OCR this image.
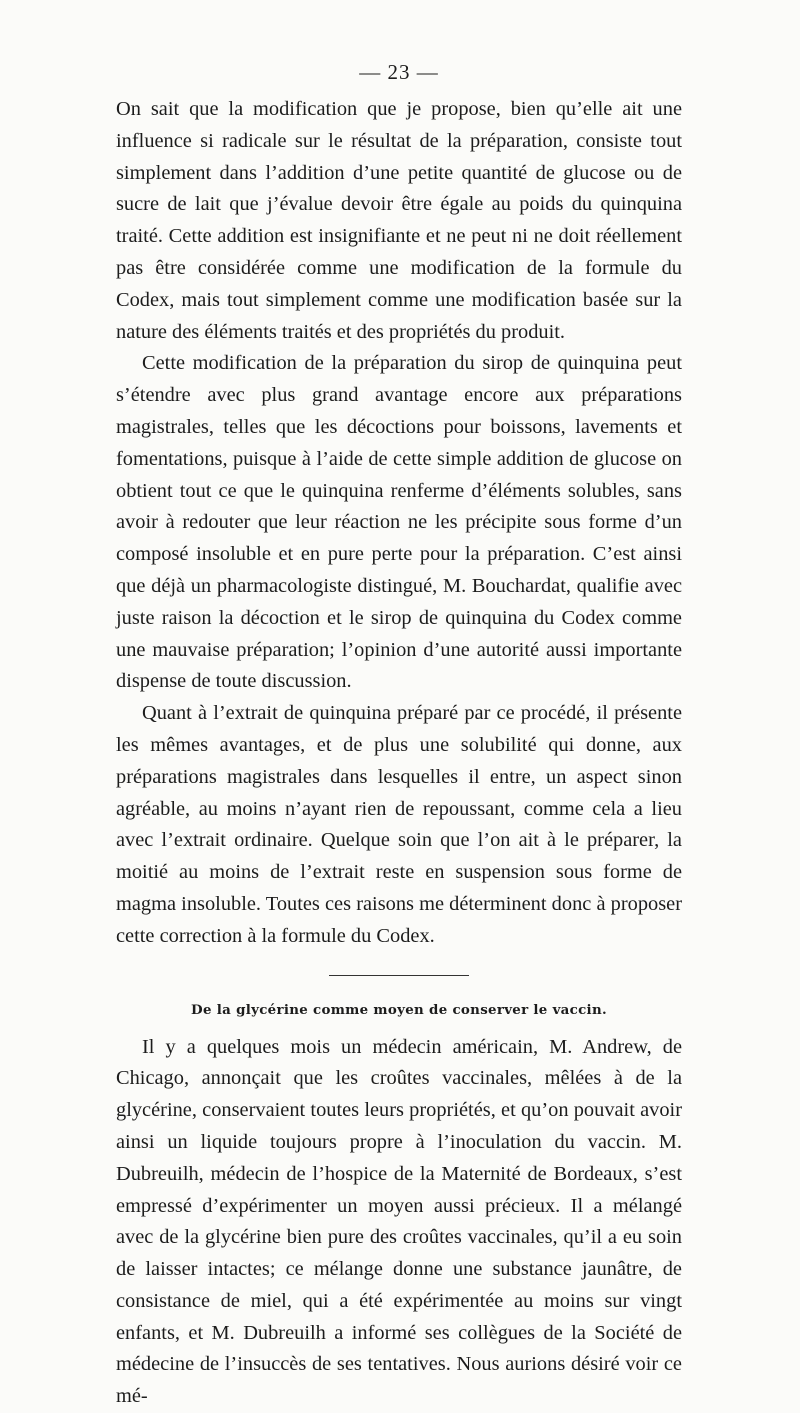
— 23 —

On sait que la modification que je propose, bien qu’elle ait une influence si radicale sur le résultat de la préparation, consiste tout simplement dans l’addition d’une petite quantité de glucose ou de sucre de lait que j’évalue devoir être égale au poids du quinquina traité. Cette addition est insignifiante et ne peut ni ne doit réellement pas être considérée comme une modification de la formule du Codex, mais tout simplement comme une modification basée sur la nature des éléments traités et des propriétés du produit.

Cette modification de la préparation du sirop de quinquina peut s’étendre avec plus grand avantage encore aux préparations magistrales, telles que les décoctions pour boissons, lavements et fomentations, puisque à l’aide de cette simple addition de glucose on obtient tout ce que le quinquina renferme d’éléments solubles, sans avoir à redouter que leur réaction ne les précipite sous forme d’un composé insoluble et en pure perte pour la préparation. C’est ainsi que déjà un pharmacologiste distingué, M. Bouchardat, qualifie avec juste raison la décoction et le sirop de quinquina du Codex comme une mauvaise préparation; l’opinion d’une autorité aussi importante dispense de toute discussion.

Quant à l’extrait de quinquina préparé par ce procédé, il présente les mêmes avantages, et de plus une solubilité qui donne, aux préparations magistrales dans lesquelles il entre, un aspect sinon agréable, au moins n’ayant rien de repoussant, comme cela a lieu avec l’extrait ordinaire. Quelque soin que l’on ait à le préparer, la moitié au moins de l’extrait reste en suspension sous forme de magma insoluble. Toutes ces raisons me déterminent donc à proposer cette correction à la formule du Codex.

De la glycérine comme moyen de conserver le vaccin.

Il y a quelques mois un médecin américain, M. Andrew, de Chicago, annonçait que les croûtes vaccinales, mêlées à de la glycérine, conservaient toutes leurs propriétés, et qu’on pouvait avoir ainsi un liquide toujours propre à l’inoculation du vaccin. M. Dubreuilh, médecin de l’hospice de la Maternité de Bordeaux, s’est empressé d’expérimenter un moyen aussi précieux. Il a mélangé avec de la glycérine bien pure des croûtes vaccinales, qu’il a eu soin de laisser intactes; ce mélange donne une substance jaunâtre, de consistance de miel, qui a été expérimentée au moins sur vingt enfants, et M. Dubreuilh a informé ses collègues de la Société de médecine de l’insuccès de ses tentatives. Nous aurions désiré voir ce mé-
